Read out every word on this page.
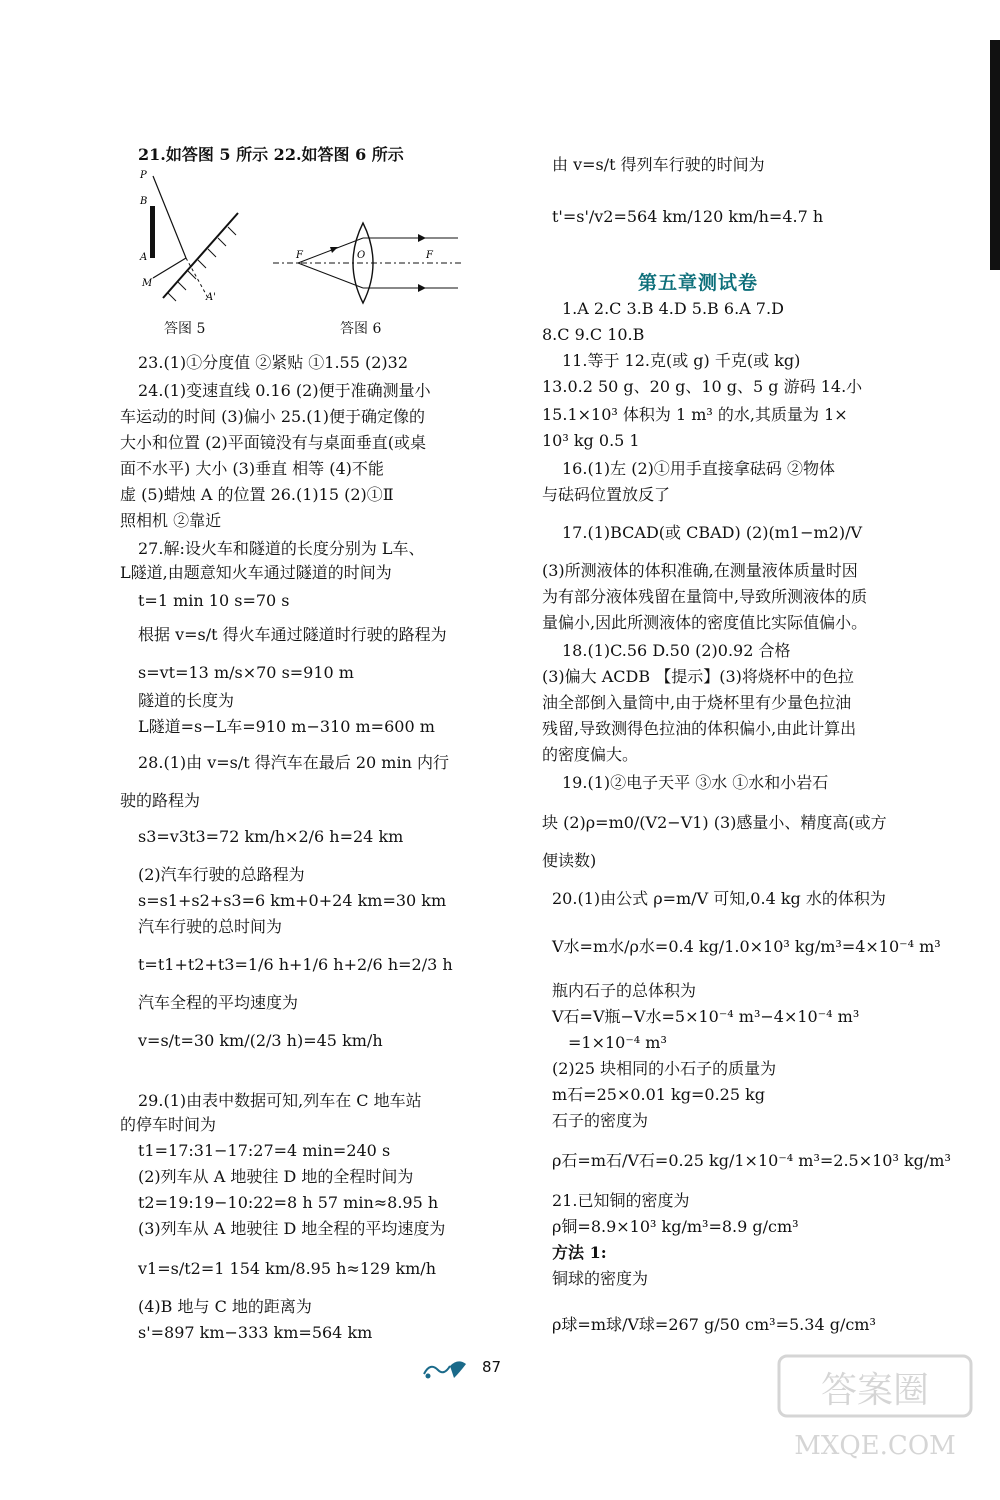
21.如答图 5 所示 22.如答图 6 所示
P
B
A
M
A'
答图 5
F	O	F
答图 6
23.(1)①分度值 ②紧贴 ①1.55 (2)32
24.(1)变速直线 0.16 (2)便于准确测量小
车运动的时间 (3)偏小 25.(1)便于确定像的
大小和位置 (2)平面镜没有与桌面垂直(或桌
面不水平) 大小 (3)垂直 相等 (4)不能
虚 (5)蜡烛 A 的位置 26.(1)15 (2)①Ⅱ
照相机 ②靠近
27.解:设火车和隧道的长度分别为 L车、
L隧道,由题意知火车通过隧道的时间为
t=1 min 10 s=70 s
根据 v=s/t 得火车通过隧道时行驶的路程为
s=vt=13 m/s×70 s=910 m
隧道的长度为
L隧道=s−L车=910 m−310 m=600 m
28.(1)由 v=s/t 得汽车在最后 20 min 内行
驶的路程为
s3=v3t3=72 km/h×2/6 h=24 km
(2)汽车行驶的总路程为
s=s1+s2+s3=6 km+0+24 km=30 km
汽车行驶的总时间为
t=t1+t2+t3=1/6 h+1/6 h+2/6 h=2/3 h
汽车全程的平均速度为
v=s/t=30 km/(2/3 h)=45 km/h
29.(1)由表中数据可知,列车在 C 地车站
的停车时间为
t1=17:31−17:27=4 min=240 s
(2)列车从 A 地驶往 D 地的全程时间为
t2=19:19−10:22=8 h 57 min≈8.95 h
(3)列车从 A 地驶往 D 地全程的平均速度为
v1=s/t2=1 154 km/8.95 h≈129 km/h
(4)B 地与 C 地的距离为
s'=897 km−333 km=564 km
由 v=s/t 得列车行驶的时间为
t'=s'/v2=564 km/120 km/h=4.7 h
第五章测试卷
1.A 2.C 3.B 4.D 5.B 6.A 7.D
8.C 9.C 10.B
11.等于 12.克(或 g) 千克(或 kg)
13.0.2 50 g、20 g、10 g、5 g 游码 14.小
15.1×10³ 体积为 1 m³ 的水,其质量为 1×
10³ kg 0.5 1
16.(1)左 (2)①用手直接拿砝码 ②物体
与砝码位置放反了
17.(1)BCAD(或 CBAD) (2)(m1−m2)/V
(3)所测液体的体积准确,在测量液体质量时因
为有部分液体残留在量筒中,导致所测液体的质
量偏小,因此所测液体的密度值比实际值偏小。
18.(1)C.56 D.50 (2)0.92 合格
(3)偏大 ACDB 【提示】(3)将烧杯中的色拉
油全部倒入量筒中,由于烧杯里有少量色拉油
残留,导致测得色拉油的体积偏小,由此计算出
的密度偏大。
19.(1)②电子天平 ③水 ①水和小岩石
块 (2)ρ=m0/(V2−V1) (3)感量小、精度高(或方
便读数)
20.(1)由公式 ρ=m/V 可知,0.4 kg 水的体积为
V水=m水/ρ水=0.4 kg/1.0×10³ kg/m³=4×10⁻⁴ m³
瓶内石子的总体积为
V石=V瓶−V水=5×10⁻⁴ m³−4×10⁻⁴ m³
=1×10⁻⁴ m³
(2)25 块相同的小石子的质量为
m石=25×0.01 kg=0.25 kg
石子的密度为
ρ石=m石/V石=0.25 kg/1×10⁻⁴ m³=2.5×10³ kg/m³
21.已知铜的密度为
ρ铜=8.9×10³ kg/m³=8.9 g/cm³
方法 1:
铜球的密度为
ρ球=m球/V球=267 g/50 cm³=5.34 g/cm³
87
答案圈
MXQE.COM
